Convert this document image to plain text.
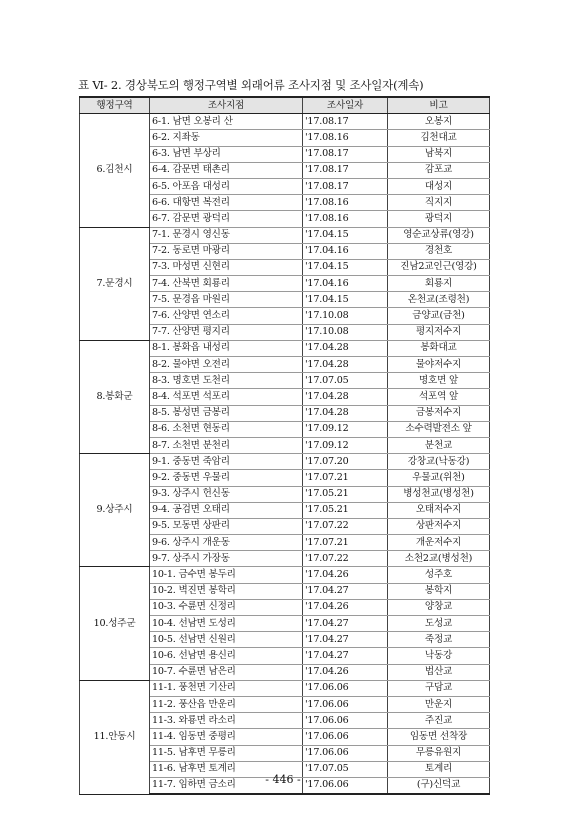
표 Ⅵ- 2. 경상북도의 행정구역별 외래어류 조사지점 및 조사일자(계속)
행정구역	조사지점	조사일자	비고
6.김천시	6-1. 남면 오봉리 산	'17.08.17	오봉지
	6-2. 지좌동	'17.08.16	김천대교
	6-3. 남면 부상리	'17.08.17	남북지
	6-4. 감문면 태촌리	'17.08.17	감포교
	6-5. 아포읍 대성리	'17.08.17	대성지
	6-6. 대항면 복전리	'17.08.16	직지지
	6-7. 감문면 광덕리	'17.08.16	광덕지
7.문경시	7-1. 문경시 영신동	'17.04.15	영순교상류(영강)
	7-2. 동로면 마광리	'17.04.16	경천호
	7-3. 마성면 신현리	'17.04.15	진남2교인근(영강)
	7-4. 산북면 회룡리	'17.04.16	회룡지
	7-5. 문경읍 마원리	'17.04.15	온천교(조령천)
	7-6. 산양면 연소리	'17.10.08	금양교(금천)
	7-7. 산양면 평지리	'17.10.08	평지저수지
8.봉화군	8-1. 봉화읍 내성리	'17.04.28	봉화대교
	8-2. 물야면 오전리	'17.04.28	물야저수지
	8-3. 명호면 도천리	'17.07.05	명호면 앞
	8-4. 석포면 석포리	'17.04.28	석포역 앞
	8-5. 봉성면 금봉리	'17.04.28	금봉저수지
	8-6. 소천면 현동리	'17.09.12	소수력발전소 앞
	8-7. 소천면 분천리	'17.09.12	분천교
9.상주시	9-1. 중동면 죽암리	'17.07.20	강창교(낙동강)
	9-2. 중동면 우물리	'17.07.21	우물교(위천)
	9-3. 상주시 헌신동	'17.05.21	병성천교(병성천)
	9-4. 공검면 오태리	'17.05.21	오태저수지
	9-5. 모동면 상판리	'17.07.22	상판저수지
	9-6. 상주시 개운동	'17.07.21	개운저수지
	9-7. 상주시 가장동	'17.07.22	소천2교(병성천)
10.성주군	10-1. 금수면 봉두리	'17.04.26	성주호
	10-2. 벽진면 봉학리	'17.04.27	봉학지
	10-3. 수륜면 신정리	'17.04.26	양창교
	10-4. 선남면 도성리	'17.04.27	도성교
	10-5. 선남면 신원리	'17.04.27	죽정교
	10-6. 선남면 용신리	'17.04.27	낙동강
	10-7. 수륜면 남은리	'17.04.26	법산교
11.안동시	11-1. 풍천면 기산리	'17.06.06	구담교
	11-2. 풍산읍 만운리	'17.06.06	만운지
	11-3. 와룡면 라소리	'17.06.06	주진교
	11-4. 임동면 중평리	'17.06.06	임동면 선착장
	11-5. 남후면 무릉리	'17.06.06	무릉유원지
	11-6. 남후면 토계리	'17.07.05	토계리
	11-7. 임하면 금소리	'17.06.06	(구)신덕교
- 446 -
